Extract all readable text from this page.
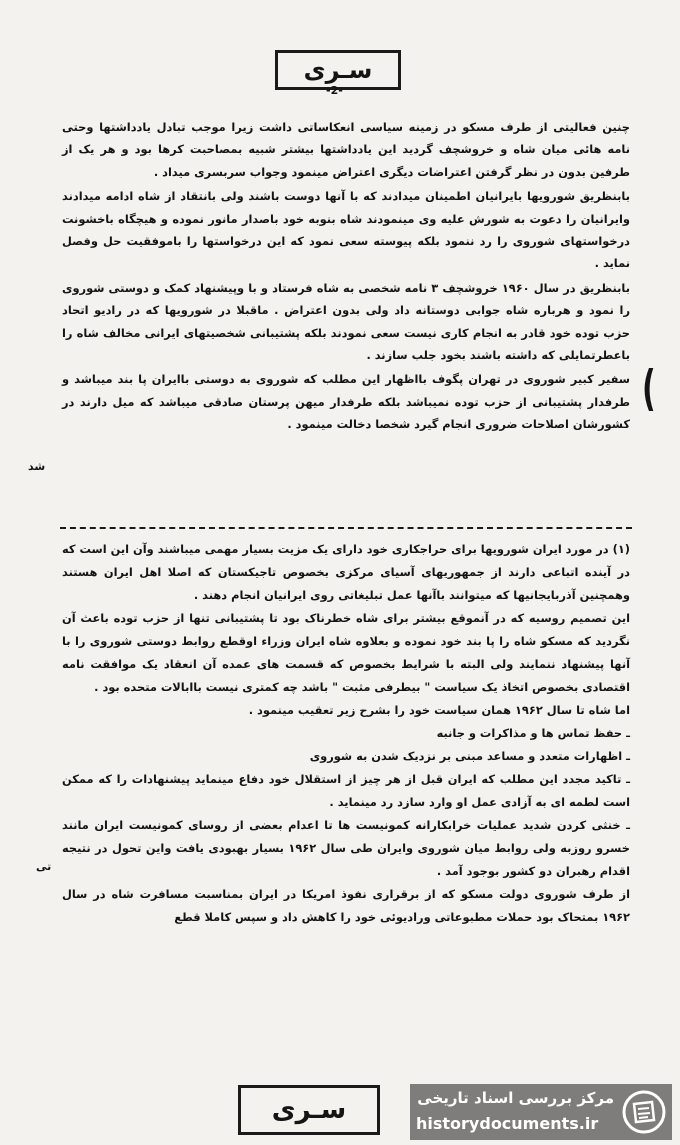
سـری
-2-

چنین فعالیتی از طرف مسکو در زمینه سیاسی انعکاساتی داشت زیرا موجب تبادل یادداشتها وحتی نامه هائی میان شاه و خروشچف گردید این یادداشتها بیشتر شبیه بمصاحبت کرها بود و هر یک از طرفین بدون در نظر گرفتن اعتراضات دیگری اعتراض مینمود وجواب سربسری میداد .

بابنظریق شورویها بایرانیان اطمینان میدادند که با آنها دوست باشند ولی بانتقاد از شاه ادامه میدادند وایرانیان را دعوت به شورش علیه وی مینمودند شاه بنوبه خود باصدار مانور نموده و هیچگاه باخشونت درخواستهای شوروی را رد ننمود بلکه پیوسته سعی نمود که این درخواستها را باموفقیت حل وفصل نماید .

بابنظریق در سال ۱۹۶۰ خروشچف ۳ نامه شخصی به شاه فرستاد و با وپیشنهاد کمک و دوستی شوروی را نمود و هرباره شاه جوابی دوستانه داد ولی بدون اعتراض . ماقبلا در شورویها که در رادیو اتحاد حزب توده خود قادر به انجام کاری نیست سعی نمودند بلکه پشتیبانی شخصیتهای ایرانی مخالف شاه را باعطرتمایلی که داشته باشند بخود جلب سازند .

سفیر کبیر شوروی در تهران پگوف بااظهار این مطلب که شوروی به دوستی باایران پا بند میباشد و طرفدار پشتیبانی از حزب توده نمیباشد بلکه طرفدار میهن پرستان صادقی میباشد که میل دارند در کشورشان اصلاحات ضروری انجام گیرد شخصا دخالت مینمود .

(
شد

(۱) در مورد ایران شورویها برای حراجکاری خود دارای یک مزیت بسیار مهمی میباشند وآن این است که در آینده اتباعی دارند از جمهوریهای آسیای مرکزی بخصوص تاجیکستان که اصلا اهل ایران هستند وهمچنین آذربایجانیها که میتوانند باآنها عمل تبلیغاتی روی ایرانیان انجام دهند .

این تصمیم روسیه که در آنموقع بیشتر برای شاه خطرناک بود تا پشتیبانی تنها از حزب توده باعث آن نگردید که مسکو شاه را پا بند خود نموده و بعلاوه شاه ایران وزراء اوقطع روابط دوستی شوروی را با آنها پیشنهاد ننمایند ولی البته با شرایط بخصوص که قسمت های عمده آن انعقاد یک موافقت نامه اقتصادی بخصوص اتخاذ یک سیاست " بیطرفی مثبت " باشد چه کمتری نیست باابالات متحده بود .

اما شاه تا سال ۱۹۶۲ همان سیاست خود را بشرح زیر تعقیب مینمود .

ـ حفظ تماس ها و مذاکرات و جانبه

ـ اظهارات متعدد و مساعد مبنی بر نزدیک شدن به شوروی

ـ تاکید مجدد این مطلب که ایران قبل از هر چیز از استقلال خود دفاع مینماید پیشنهادات را که ممکن است لطمه ای به آزادی عمل او وارد سازد رد مینماید .

ـ خنثی کردن شدید عملیات خرابکارانه کمونیست ها تا اعدام بعضی از روسای کمونیست ایران مانند خسرو روزبه ولی روابط میان شوروی وایران طی سال ۱۹۶۲ بسیار بهبودی یافت واین تحول در نتیجه اقدام رهبران دو کشور بوجود آمد .

از طرف شوروی دولت مسکو که از برقراری نفوذ امریکا در ایران بمناسبت مسافرت شاه در سال ۱۹۶۲ بمتحاک بود حملات مطبوعاتی ورادیوئی خود را کاهش داد و سپس کاملا قطع

تی
سـری	مرکز بررسی اسناد تاریخی
historydocuments.ir
